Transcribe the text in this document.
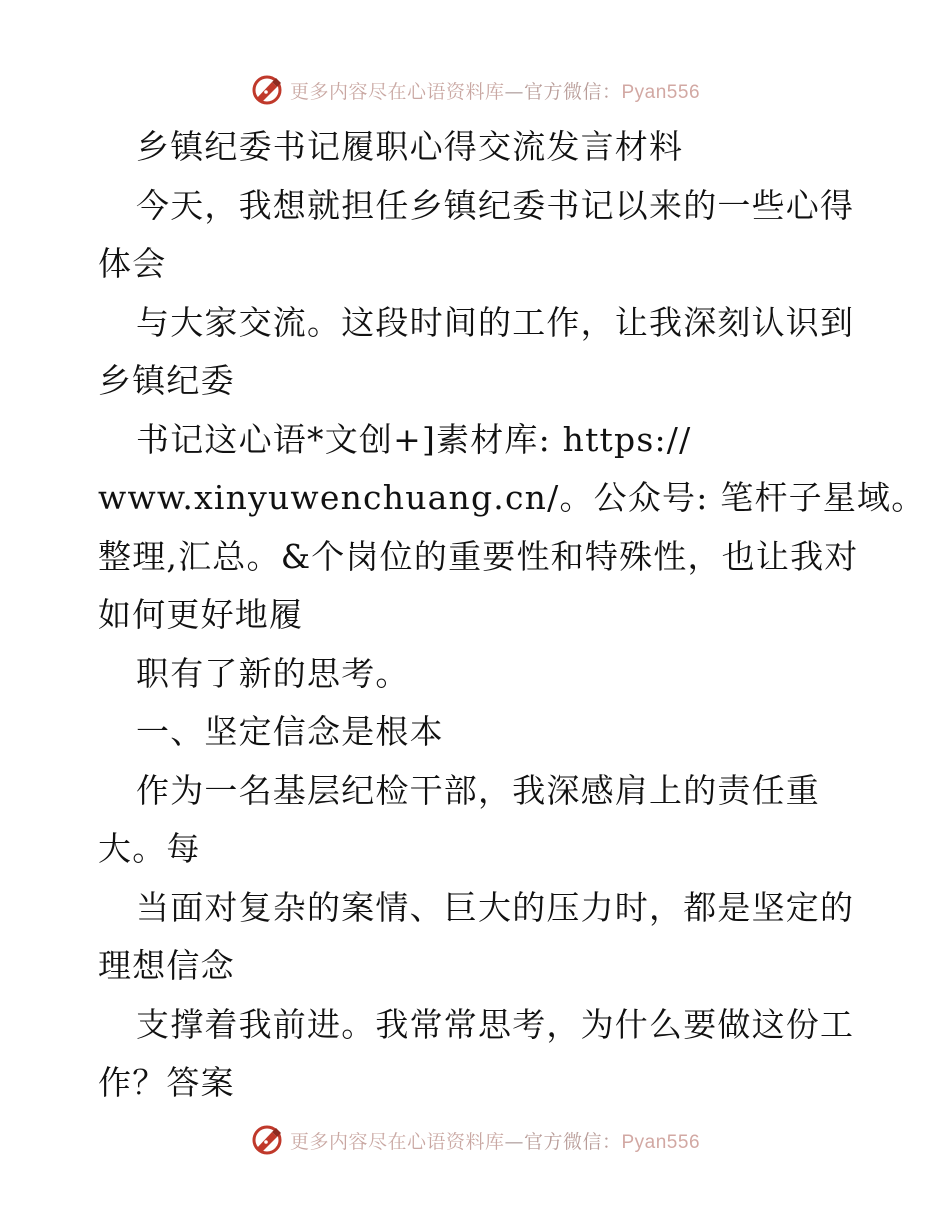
更多内容尽在心语资料库—官方微信：Pyan556
乡镇纪委书记履职心得交流发言材料
今天，我想就担任乡镇纪委书记以来的一些心得
体会
与大家交流。这段时间的工作，让我深刻认识到
乡镇纪委
书记这心语*文创+]素材库: https://
www.xinyuwenchuang.cn/。公众号: 笔杆子星域。
整理,汇总。&个岗位的重要性和特殊性，也让我对
如何更好地履
职有了新的思考。
一、坚定信念是根本
作为一名基层纪检干部，我深感肩上的责任重
大。每
当面对复杂的案情、巨大的压力时，都是坚定的
理想信念
支撑着我前进。我常常思考，为什么要做这份工
作？答案
更多内容尽在心语资料库—官方微信：Pyan556
